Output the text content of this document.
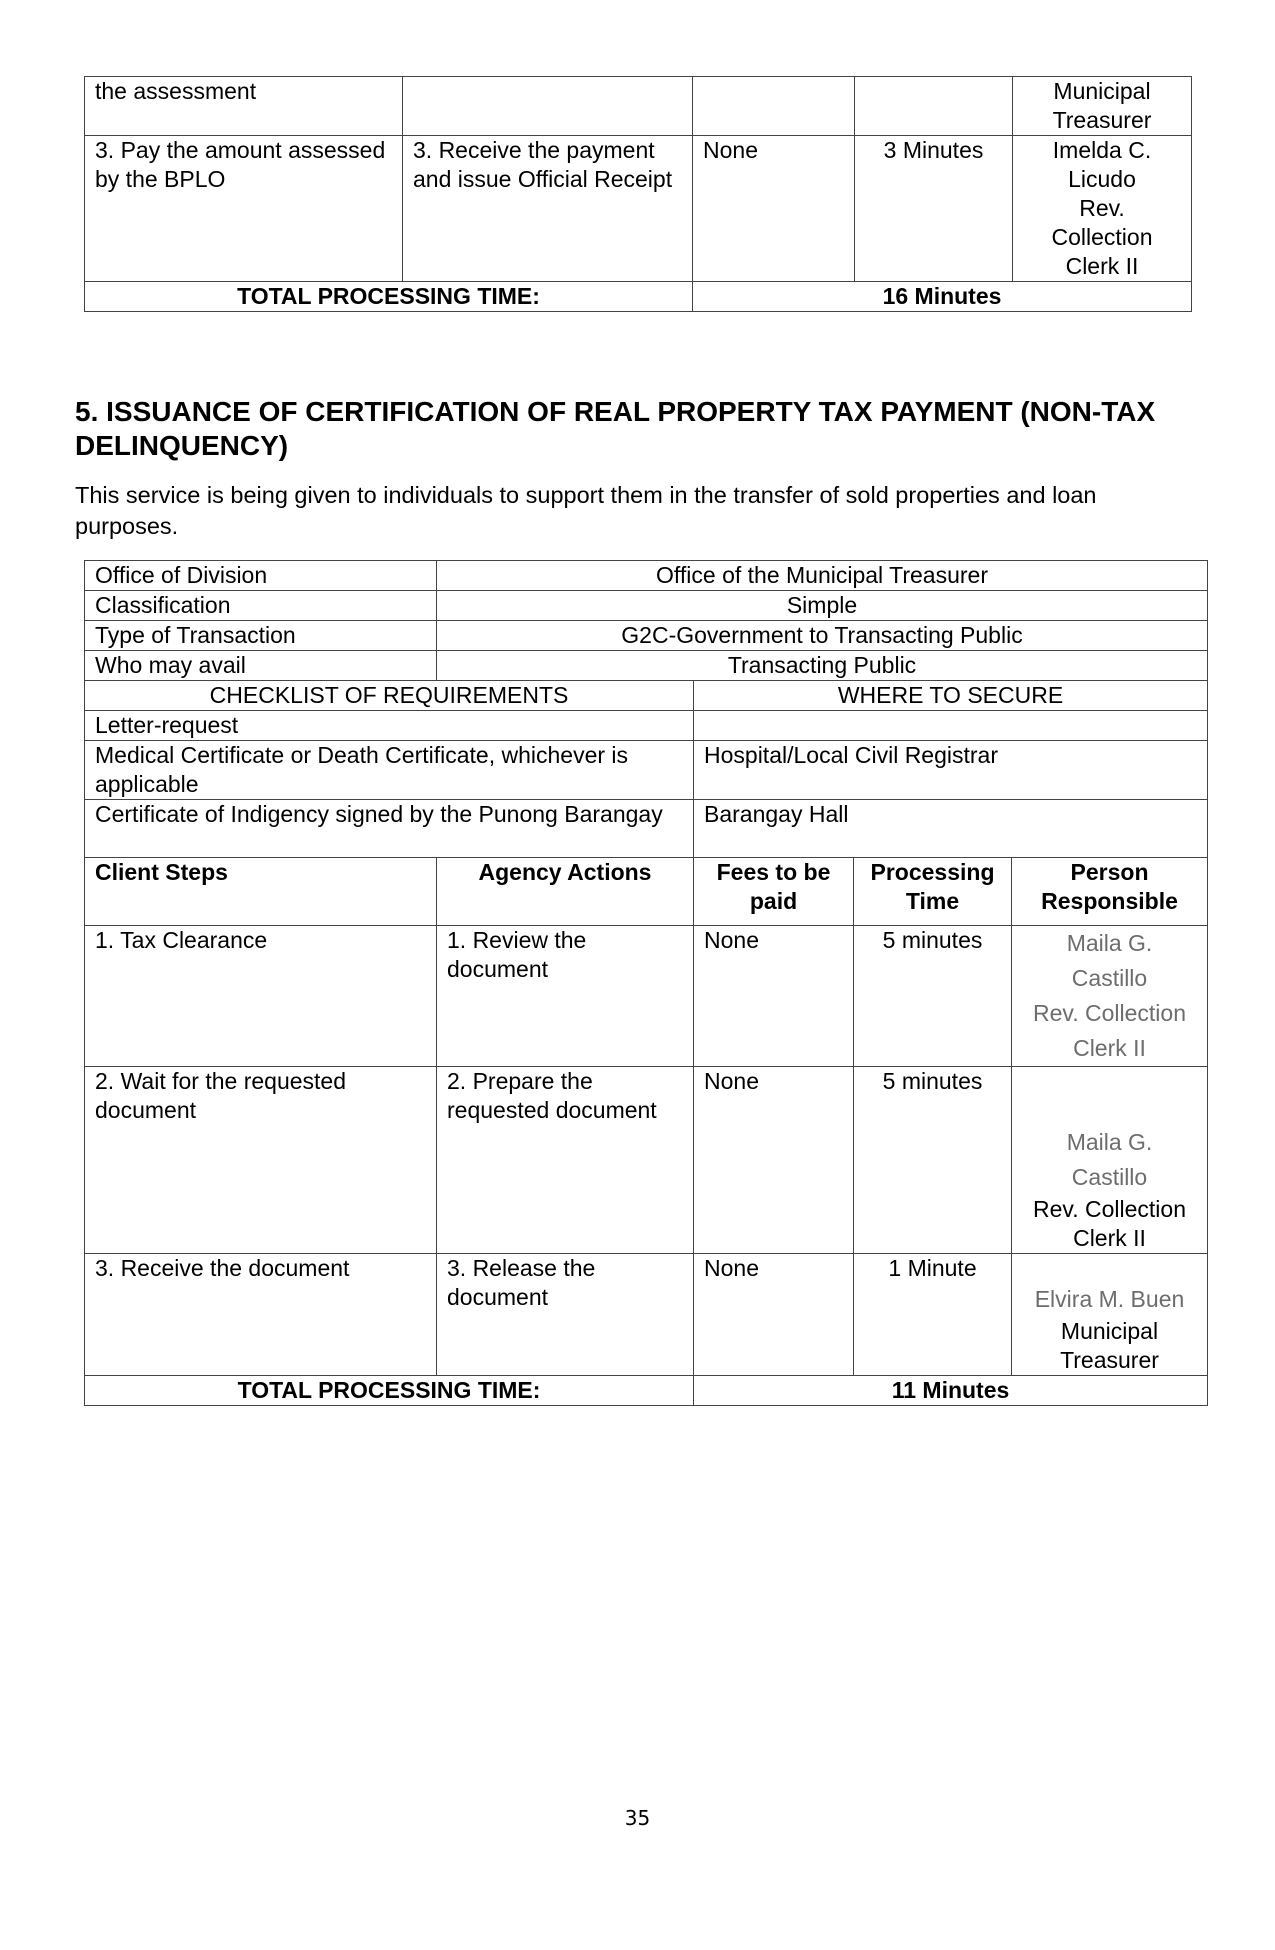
the assessment				Municipal
Treasurer

3. Pay the amount assessed by the BPLO	3. Receive the payment and issue Official Receipt	None	3 Minutes	Imelda C.
Licudo
Rev.
Collection
Clerk II

TOTAL PROCESSING TIME:		16 Minutes		
5. ISSUANCE OF CERTIFICATION OF REAL PROPERTY TAX PAYMENT (NON-TAX DELINQUENCY)

This service is being given to individuals to support them in the transfer of sold properties and loan purposes.

Office of Division	Office of the Municipal Treasurer			
Classification	Simple			
Type of Transaction	G2C-Government to Transacting Public			
Who may avail	Transacting Public			
CHECKLIST OF REQUIREMENTS		WHERE TO SECURE		
Letter-request				
Medical Certificate or Death Certificate, whichever is applicable		Hospital/Local Civil Registrar		
Certificate of Indigency signed by the Punong Barangay		Barangay Hall		
Client Steps	Agency Actions	Fees to be paid	Processing Time	Person Responsible
1. Tax Clearance	1. Review the document	None	5 minutes	Maila G.
Castillo
Rev. Collection
Clerk II

2. Wait for the requested document	2. Prepare the requested document	None	5 minutes	Maila G.
Castillo
Rev. Collection
Clerk II

3. Receive the document	3. Release the document	None	1 Minute	Elvira M. Buen
Municipal
Treasurer

TOTAL PROCESSING TIME:		11 Minutes		
35
